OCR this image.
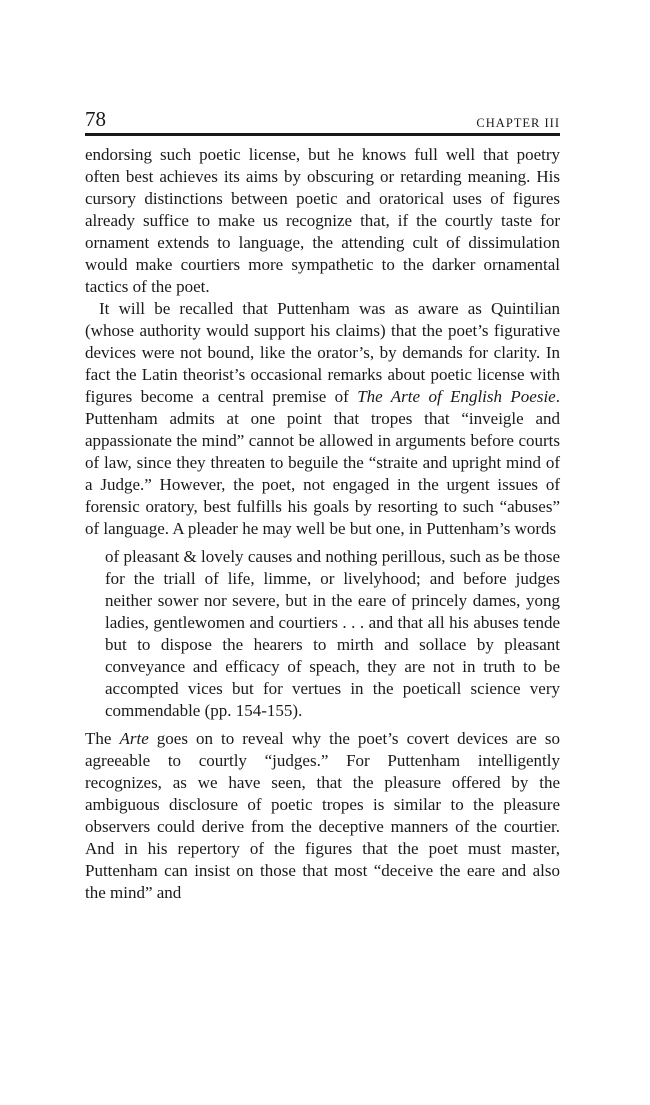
78	CHAPTER III

endorsing such poetic license, but he knows full well that poetry often best achieves its aims by obscuring or retarding meaning. His cursory distinctions between poetic and oratorical uses of figures already suffice to make us recognize that, if the courtly taste for ornament extends to language, the attending cult of dissimulation would make courtiers more sympathetic to the darker ornamental tactics of the poet.

It will be recalled that Puttenham was as aware as Quintilian (whose authority would support his claims) that the poet’s figurative devices were not bound, like the orator’s, by demands for clarity. In fact the Latin theorist’s occasional remarks about poetic license with figures become a central premise of The Arte of English Poesie. Puttenham admits at one point that tropes that “inveigle and appassionate the mind” cannot be allowed in arguments before courts of law, since they threaten to beguile the “straite and upright mind of a Judge.” However, the poet, not engaged in the urgent issues of forensic oratory, best fulfills his goals by resorting to such “abuses” of language. A pleader he may well be but one, in Puttenham’s words

of pleasant & lovely causes and nothing perillous, such as be those for the triall of life, limme, or livelyhood; and before judges neither sower nor severe, but in the eare of princely dames, yong ladies, gentlewomen and courtiers . . . and that all his abuses tende but to dispose the hearers to mirth and sollace by pleasant conveyance and efficacy of speach, they are not in truth to be accompted vices but for vertues in the poeticall science very commendable (pp. 154-155).

The Arte goes on to reveal why the poet’s covert devices are so agreeable to courtly “judges.” For Puttenham intelligently recognizes, as we have seen, that the pleasure offered by the ambiguous disclosure of poetic tropes is similar to the pleasure observers could derive from the deceptive manners of the courtier. And in his repertory of the figures that the poet must master, Puttenham can insist on those that most “deceive the eare and also the mind” and
